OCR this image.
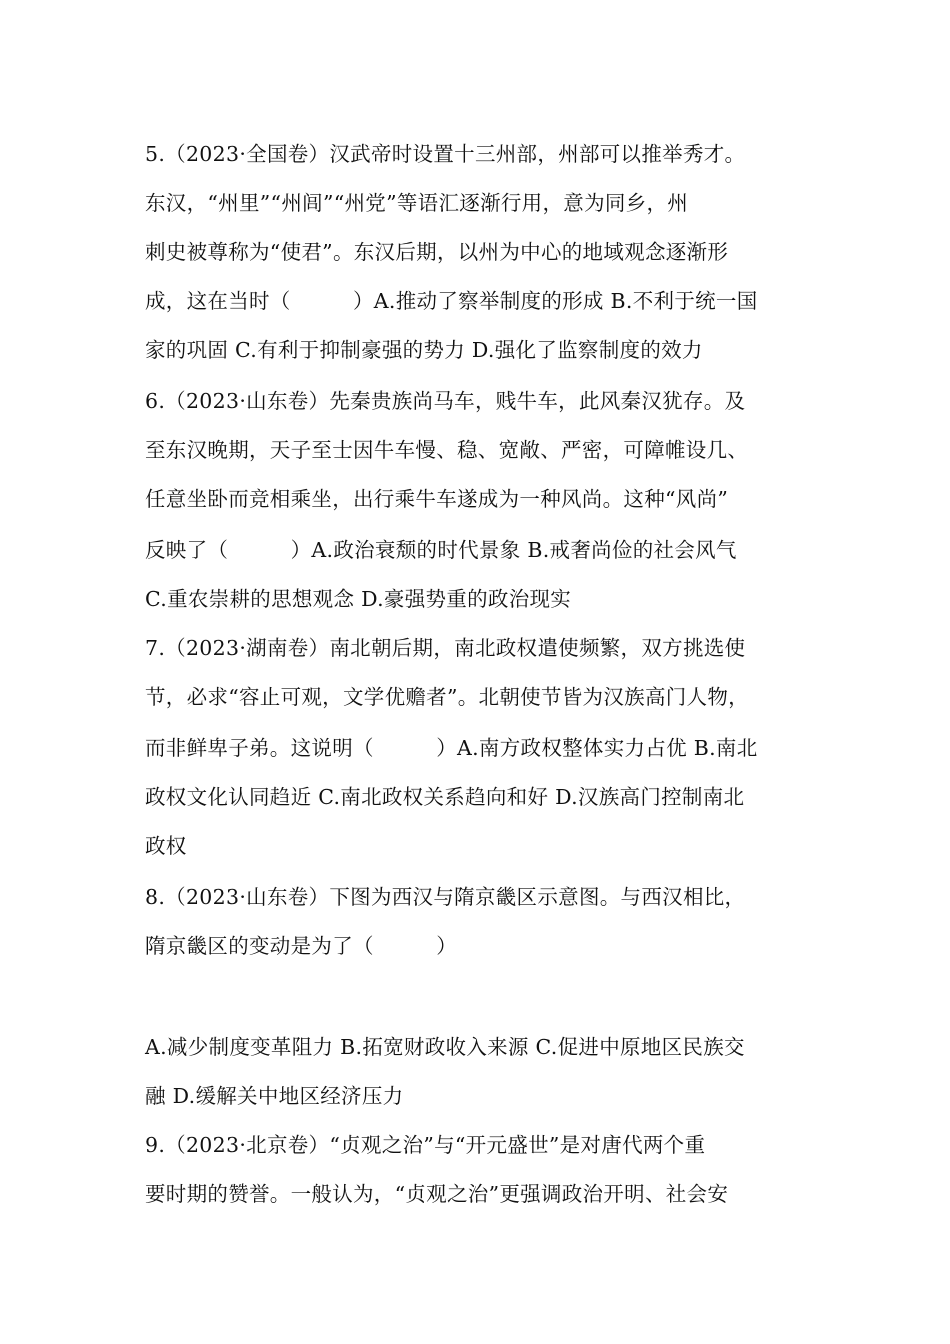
5.（2023·全国卷）汉武帝时设置十三州部，州部可以推举秀才。
东汉，“州里”“州闾”“州党”等语汇逐渐行用，意为同乡，州
刺史被尊称为“使君”。东汉后期，以州为中心的地域观念逐渐形
成，这在当时（　　　）A.推动了察举制度的形成 B.不利于统一国
家的巩固 C.有利于抑制豪强的势力 D.强化了监察制度的效力
6.（2023·山东卷）先秦贵族尚马车，贱牛车，此风秦汉犹存。及
至东汉晚期，天子至士因牛车慢、稳、宽敞、严密，可障帷设几、
任意坐卧而竞相乘坐，出行乘牛车遂成为一种风尚。这种“风尚”
反映了（　　　）A.政治衰颓的时代景象 B.戒奢尚俭的社会风气
C.重农崇耕的思想观念 D.豪强势重的政治现实
7.（2023·湖南卷）南北朝后期，南北政权遣使频繁，双方挑选使
节，必求“容止可观，文学优赡者”。北朝使节皆为汉族高门人物，
而非鲜卑子弟。这说明（　　　）A.南方政权整体实力占优 B.南北
政权文化认同趋近 C.南北政权关系趋向和好 D.汉族高门控制南北
政权
8.（2023·山东卷）下图为西汉与隋京畿区示意图。与西汉相比，
隋京畿区的变动是为了（　　　）
A.减少制度变革阻力 B.拓宽财政收入来源 C.促进中原地区民族交
融 D.缓解关中地区经济压力
9.（2023·北京卷）“贞观之治”与“开元盛世”是对唐代两个重
要时期的赞誉。一般认为，“贞观之治”更强调政治开明、社会安
